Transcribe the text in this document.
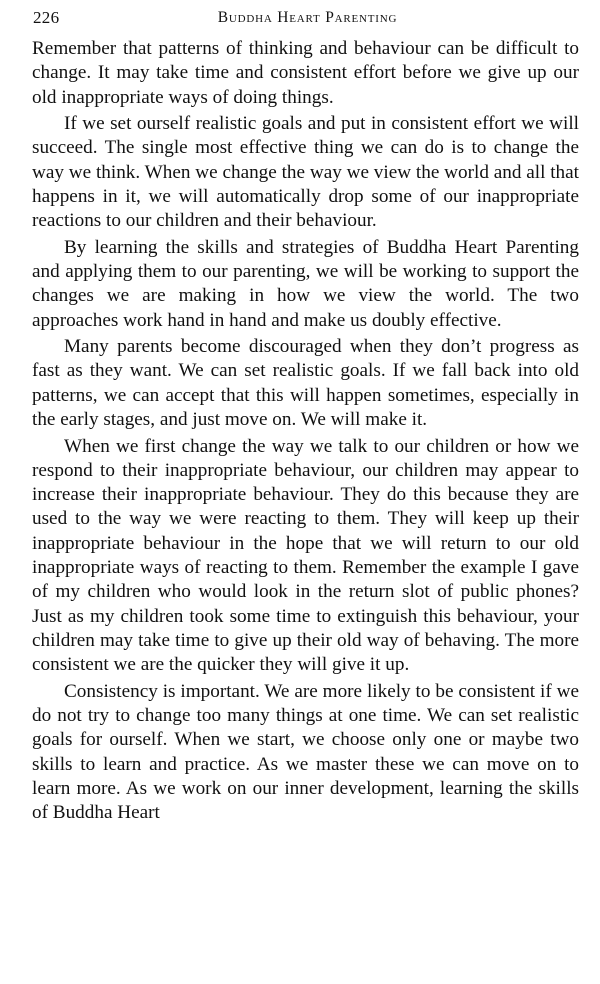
226	Buddha Heart Parenting

Remember that patterns of thinking and behaviour can be difficult to change. It may take time and consistent effort before we give up our old inappropriate ways of doing things.

If we set ourself realistic goals and put in consistent effort we will succeed. The single most effective thing we can do is to change the way we think. When we change the way we view the world and all that happens in it, we will automatically drop some of our inappropriate reactions to our children and their behaviour.

By learning the skills and strategies of Buddha Heart Parenting and applying them to our parenting, we will be working to support the changes we are making in how we view the world. The two approaches work hand in hand and make us doubly effective.

Many parents become discouraged when they don’t progress as fast as they want. We can set realistic goals. If we fall back into old patterns, we can accept that this will happen sometimes, especially in the early stages, and just move on. We will make it.

When we first change the way we talk to our children or how we respond to their inappropriate behaviour, our children may appear to increase their inappropriate behaviour. They do this because they are used to the way we were reacting to them. They will keep up their inappropriate behaviour in the hope that we will return to our old inappropriate ways of reacting to them. Remember the example I gave of my children who would look in the return slot of public phones? Just as my children took some time to extinguish this behaviour, your children may take time to give up their old way of behaving. The more consistent we are the quicker they will give it up.

Consistency is important. We are more likely to be consistent if we do not try to change too many things at one time. We can set realistic goals for ourself. When we start, we choose only one or maybe two skills to learn and practice. As we master these we can move on to learn more. As we work on our inner development, learning the skills of Buddha Heart
